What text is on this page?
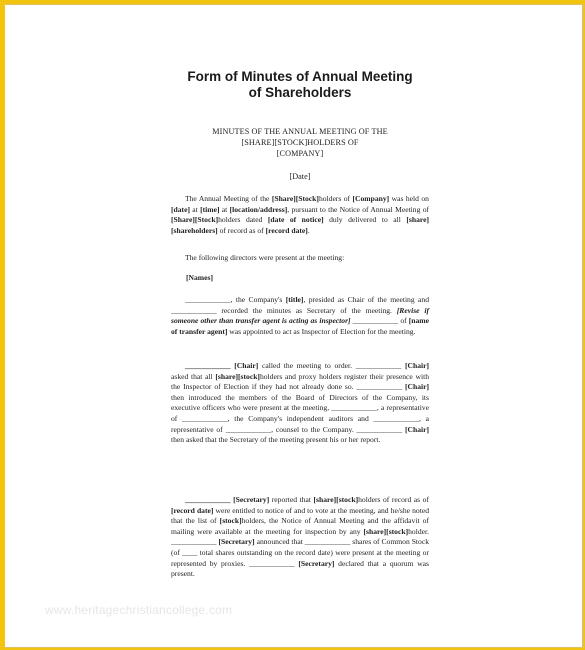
Form of Minutes of Annual Meeting
of Shareholders
MINUTES OF THE ANNUAL MEETING OF THE
[SHARE][STOCK]HOLDERS OF
[COMPANY]
[Date]
The Annual Meeting of the [Share][Stock]holders of [Company] was held on [date] at [time] at [location/address], pursuant to the Notice of Annual Meeting of [Share][Stock]holders dated [date of notice] duly delivered to all [share][shareholders] of record as of [record date].
The following directors were present at the meeting:
[Names]
____________, the Company's [title], presided as Chair of the meeting and ____________ recorded the minutes as Secretary of the meeting. [Revise if someone other than transfer agent is acting as inspector] ____________ of [name of transfer agent] was appointed to act as Inspector of Election for the meeting.
____________ [Chair] called the meeting to order. ____________ [Chair] asked that all [share][stock]holders and proxy holders register their presence with the Inspector of Election if they had not already done so. ____________ [Chair] then introduced the members of the Board of Directors of the Company, its executive officers who were present at the meeting, ____________, a representative of ____________, the Company's independent auditors and ____________, a representative of ____________, counsel to the Company. ____________ [Chair] then asked that the Secretary of the meeting present his or her report.
____________ [Secretary] reported that [share][stock]holders of record as of [record date] were entitled to notice of and to vote at the meeting, and he/she noted that the list of [stock]holders, the Notice of Annual Meeting and the affidavit of mailing were available at the meeting for inspection by any [share][stock]holder. ____________ [Secretary] announced that ____________ shares of Common Stock (of ____ total shares outstanding on the record date) were present at the meeting or represented by proxies. ____________ [Secretary] declared that a quorum was present.
www.heritagechristiancollege.com
